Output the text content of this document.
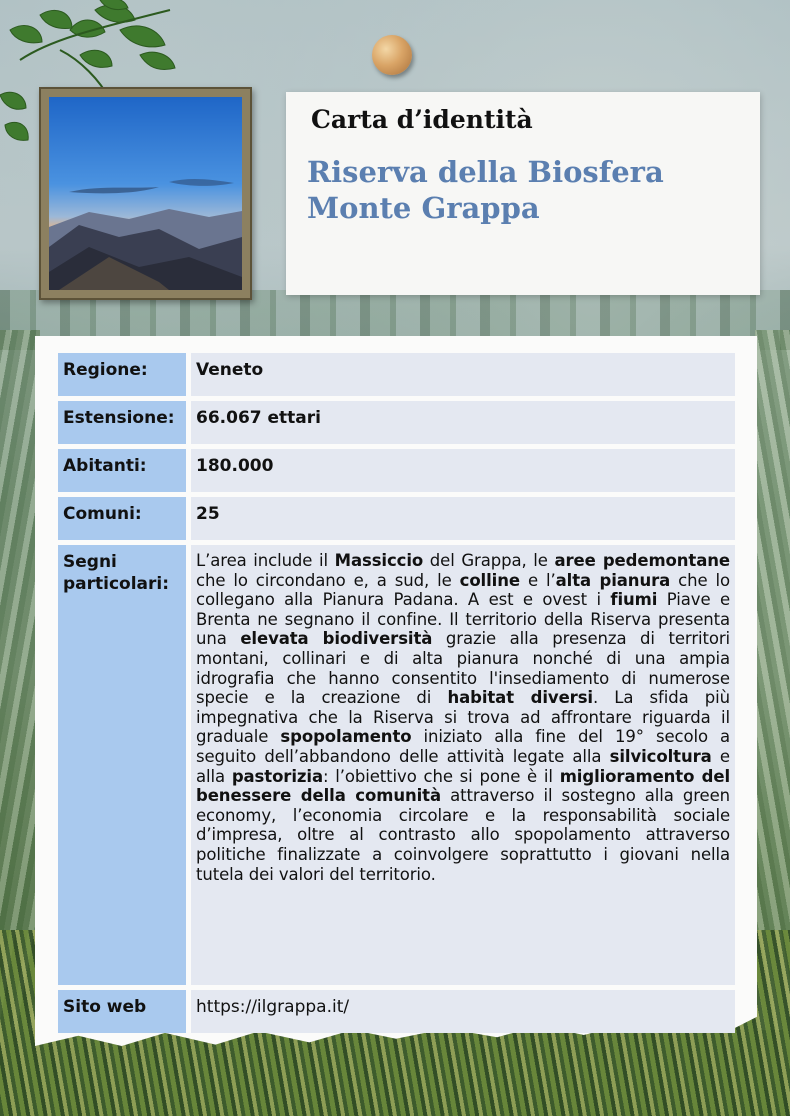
Carta d’identità
Riserva della Biosfera
Monte Grappa
Regione:	Veneto
Estensione:	66.067 ettari
Abitanti:	180.000
Comuni:	25
Segni particolari:
L’area include il Massiccio del Grappa, le aree pedemontane che lo circondano e, a sud, le colline e l’alta pianura che lo collegano alla Pianura Padana. A est e ovest i fiumi Piave e Brenta ne segnano il confine. Il territorio della Riserva presenta una elevata biodiversità grazie alla presenza di territori montani, collinari e di alta pianura nonché di una ampia idrografia che hanno consentito l'insediamento di numerose specie e la creazione di habitat diversi. La sfida più impegnativa che la Riserva si trova ad affrontare riguarda il graduale spopolamento iniziato alla fine del 19° secolo a seguito dell’abbandono delle attività legate alla silvicoltura e alla pastorizia: l’obiettivo che si pone è il miglioramento del benessere della comunità attraverso il sostegno alla green economy, l’economia circolare e la responsabilità sociale d’impresa, oltre al contrasto allo spopolamento attraverso politiche finalizzate a coinvolgere soprattutto i giovani nella tutela dei valori del territorio.
Sito web	https://ilgrappa.it/
